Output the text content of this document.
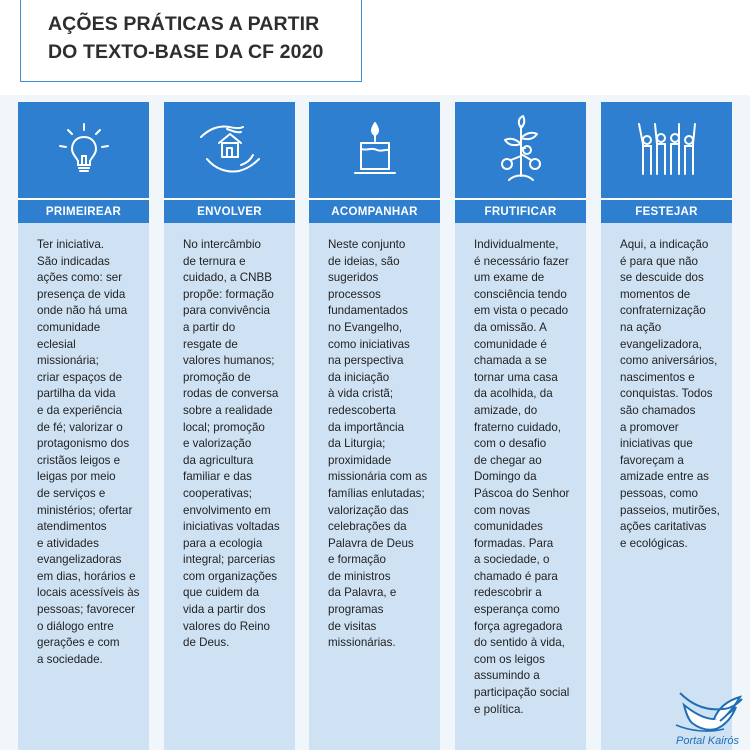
AÇÕES PRÁTICAS A PARTIR
DO TEXTO-BASE DA CF 2020
PRIMEIREAR
Ter iniciativa.
São indicadas
ações como: ser
presença de vida
onde não há uma
comunidade
eclesial
missionária;
criar espaços de
partilha da vida
e da experiência
de fé; valorizar o
protagonismo dos
cristãos leigos e
leigas por meio
de serviços e
ministérios; ofertar
atendimentos
e atividades
evangelizadoras
em dias, horários e
locais acessíveis às
pessoas; favorecer
o diálogo entre
gerações e com
a sociedade.
ENVOLVER
No intercâmbio
de ternura e
cuidado, a CNBB
propõe: formação
para convivência
a partir do
resgate de
valores humanos;
promoção de
rodas de conversa
sobre a realidade
local; promoção
e valorização
da agricultura
familiar e das
cooperativas;
envolvimento em
iniciativas voltadas
para a ecologia
integral; parcerias
com organizações
que cuidem da
vida a partir dos
valores do Reino
de Deus.
ACOMPANHAR
Neste conjunto
de ideias, são
sugeridos
processos
fundamentados
no Evangelho,
como iniciativas
na perspectiva
da iniciação
à vida cristã;
redescoberta
da importância
da Liturgia;
proximidade
missionária com as
famílias enlutadas;
valorização das
celebrações da
Palavra de Deus
e formação
de ministros
da Palavra, e
programas
de visitas
missionárias.
FRUTIFICAR
Individualmente,
é necessário fazer
um exame de
consciência tendo
em vista o pecado
da omissão. A
comunidade é
chamada a se
tornar uma casa
da acolhida, da
amizade, do
fraterno cuidado,
com o desafio
de chegar ao
Domingo da
Páscoa do Senhor
com novas
comunidades
formadas. Para
a sociedade, o
chamado é para
redescobrir a
esperança como
força agregadora
do sentido à vida,
com os leigos
assumindo a
participação social
e política.
FESTEJAR
Aqui, a indicação
é para que não
se descuide dos
momentos de
confraternização
na ação
evangelizadora,
como aniversários,
nascimentos e
conquistas. Todos
são chamados
a promover
iniciativas que
favoreçam a
amizade entre as
pessoas, como
passeios, mutirões,
ações caritativas
e ecológicas.
Portal Kairós
